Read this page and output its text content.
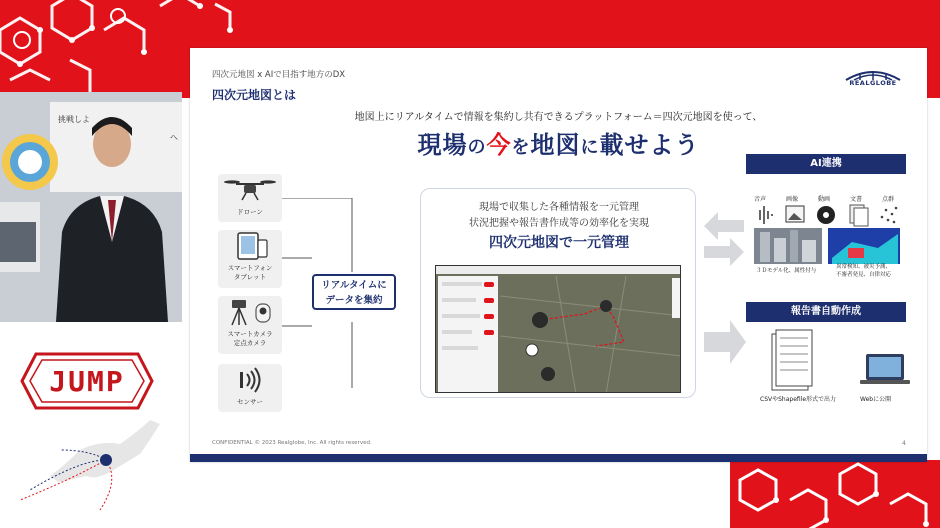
挑戦しよ
へ
JUMP
四次元地図 x AIで目指す地方のDX
四次元地図とは
REALGLOBE
地図上にリアルタイムで情報を集約し共有できるプラットフォーム＝四次元地図を使って、
現場の今を地図に載せよう
ドローン
スマートフォン
タブレット
スマートカメラ
定点カメラ
センサー
リアルタイムに
データを集約
現場で収集した各種情報を一元管理
状況把握や報告書作成等の効率化を実現
四次元地図で一元管理
AI連携
音声	画像	動画	文書	点群
３Ｄモデル化、属性付与
異常検知、被災予測、
不審者発見、自律対応
報告書自動作成
CSVやShapefile形式で出力	Webに公開
CONFIDENTIAL © 2023 Realglobe, Inc. All rights reserved.	4
